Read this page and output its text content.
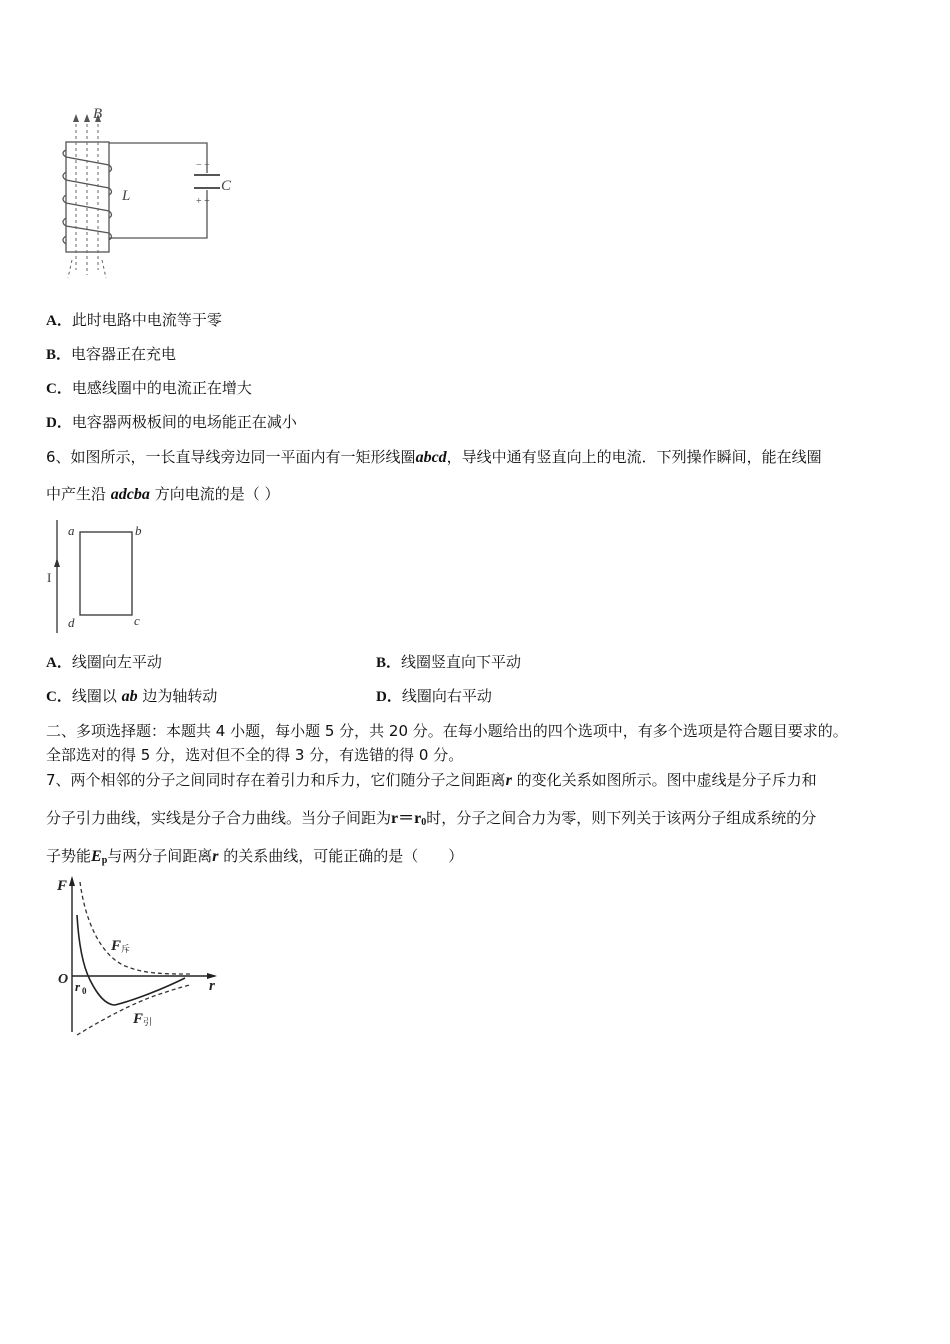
B
L
C
− −
+ +
A．此时电路中电流等于零
B．电容器正在充电
C．电感线圈中的电流正在增大
D．电容器两极板间的电场能正在减小
6、如图所示，一长直导线旁边同一平面内有一矩形线圈abcd，导线中通有竖直向上的电流．下列操作瞬间，能在线圈
中产生沿 adcba 方向电流的是（ ）
I
a	b
c
d
A．线圈向左平动	B．线圈竖直向下平动
C．线圈以 ab 边为轴转动	D．线圈向右平动
二、多项选择题：本题共 4 小题，每小题 5 分，共 20 分。在每小题给出的四个选项中，有多个选项是符合题目要求的。
全部选对的得 5 分，选对但不全的得 3 分，有选错的得 0 分。
7、两个相邻的分子之间同时存在着引力和斥力，它们随分子之间距离r 的变化关系如图所示。图中虚线是分子斥力和
分子引力曲线，实线是分子合力曲线。当分子间距为$r=r_0$时，分子之间合力为零，则下列关于该两分子组成系统的分
子势能$E_p$与两分子间距离r 的关系曲线，可能正确的是（　　）
F
O	r
r 0
F 斥
F 引
